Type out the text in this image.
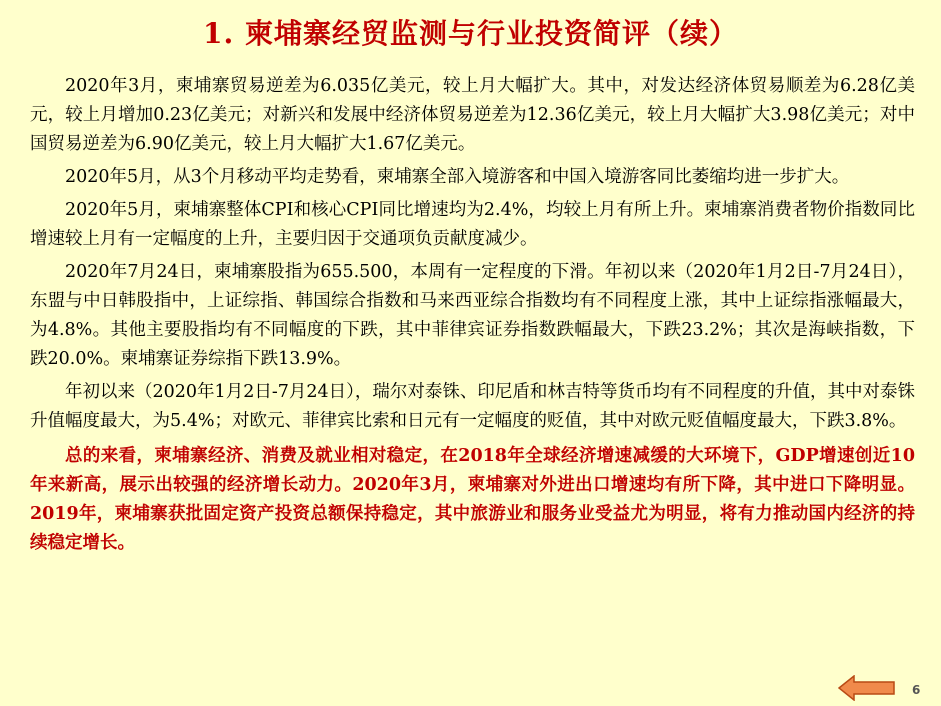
1. 柬埔寨经贸监测与行业投资简评（续）

2020年3月，柬埔寨贸易逆差为6.035亿美元，较上月大幅扩大。其中，对发达经济体贸易顺差为6.28亿美元，较上月增加0.23亿美元；对新兴和发展中经济体贸易逆差为12.36亿美元，较上月大幅扩大3.98亿美元；对中国贸易逆差为6.90亿美元，较上月大幅扩大1.67亿美元。

2020年5月，从3个月移动平均走势看，柬埔寨全部入境游客和中国入境游客同比萎缩均进一步扩大。

2020年5月，柬埔寨整体CPI和核心CPI同比增速均为2.4%，均较上月有所上升。柬埔寨消费者物价指数同比增速较上月有一定幅度的上升，主要归因于交通项负贡献度减少。

2020年7月24日，柬埔寨股指为655.500，本周有一定程度的下滑。年初以来（2020年1月2日-7月24日），东盟与中日韩股指中，上证综指、韩国综合指数和马来西亚综合指数均有不同程度上涨，其中上证综指涨幅最大，为4.8%。其他主要股指均有不同幅度的下跌，其中菲律宾证券指数跌幅最大，下跌23.2%；其次是海峡指数，下跌20.0%。柬埔寨证券综指下跌13.9%。

年初以来（2020年1月2日-7月24日），瑞尔对泰铢、印尼盾和林吉特等货币均有不同程度的升值，其中对泰铢升值幅度最大，为5.4%；对欧元、菲律宾比索和日元有一定幅度的贬值，其中对欧元贬值幅度最大，下跌3.8%。

总的来看，柬埔寨经济、消费及就业相对稳定，在2018年全球经济增速减缓的大环境下，GDP增速创近10年来新高，展示出较强的经济增长动力。2020年3月，柬埔寨对外进出口增速均有所下降，其中进口下降明显。2019年，柬埔寨获批固定资产投资总额保持稳定，其中旅游业和服务业受益尤为明显，将有力推动国内经济的持续稳定增长。

6
